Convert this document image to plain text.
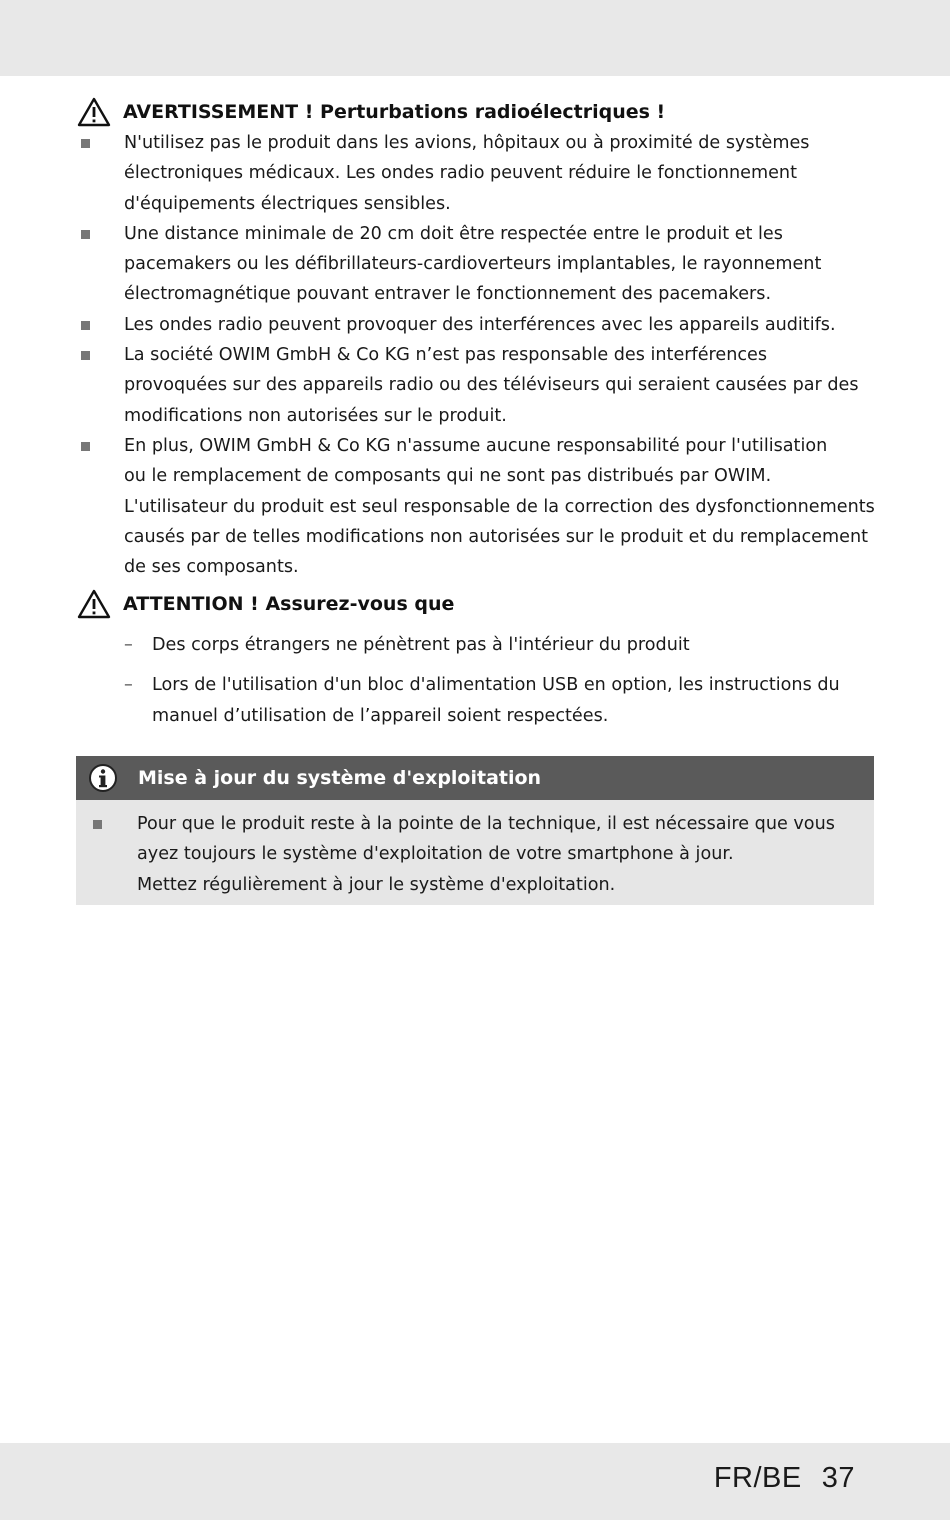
AVERTISSEMENT ! Perturbations radioélectriques !
N'utilisez pas le produit dans les avions, hôpitaux ou à proximité de systèmes
électroniques médicaux. Les ondes radio peuvent réduire le fonctionnement
d'équipements électriques sensibles.
Une distance minimale de 20 cm doit être respectée entre le produit et les
pacemakers ou les défibrillateurs-cardioverteurs implantables, le rayonnement
électromagnétique pouvant entraver le fonctionnement des pacemakers.
Les ondes radio peuvent provoquer des interférences avec les appareils auditifs.
La société OWIM GmbH & Co KG n’est pas responsable des interférences
provoquées sur des appareils radio ou des téléviseurs qui seraient causées par des
modifications non autorisées sur le produit.
En plus, OWIM GmbH & Co KG n'assume aucune responsabilité pour l'utilisation
ou le remplacement de composants qui ne sont pas distribués par OWIM.
L'utilisateur du produit est seul responsable de la correction des dysfonctionnements
causés par de telles modifications non autorisées sur le produit et du remplacement
de ses composants.
ATTENTION ! Assurez-vous que
– Des corps étrangers ne pénètrent pas à l'intérieur du produit
– Lors de l'utilisation d'un bloc d'alimentation USB en option, les instructions du
manuel d’utilisation de l’appareil soient respectées.
Mise à jour du système d'exploitation
Pour que le produit reste à la pointe de la technique, il est nécessaire que vous
ayez toujours le système d'exploitation de votre smartphone à jour.
Mettez régulièrement à jour le système d'exploitation.
FR/BE 37
